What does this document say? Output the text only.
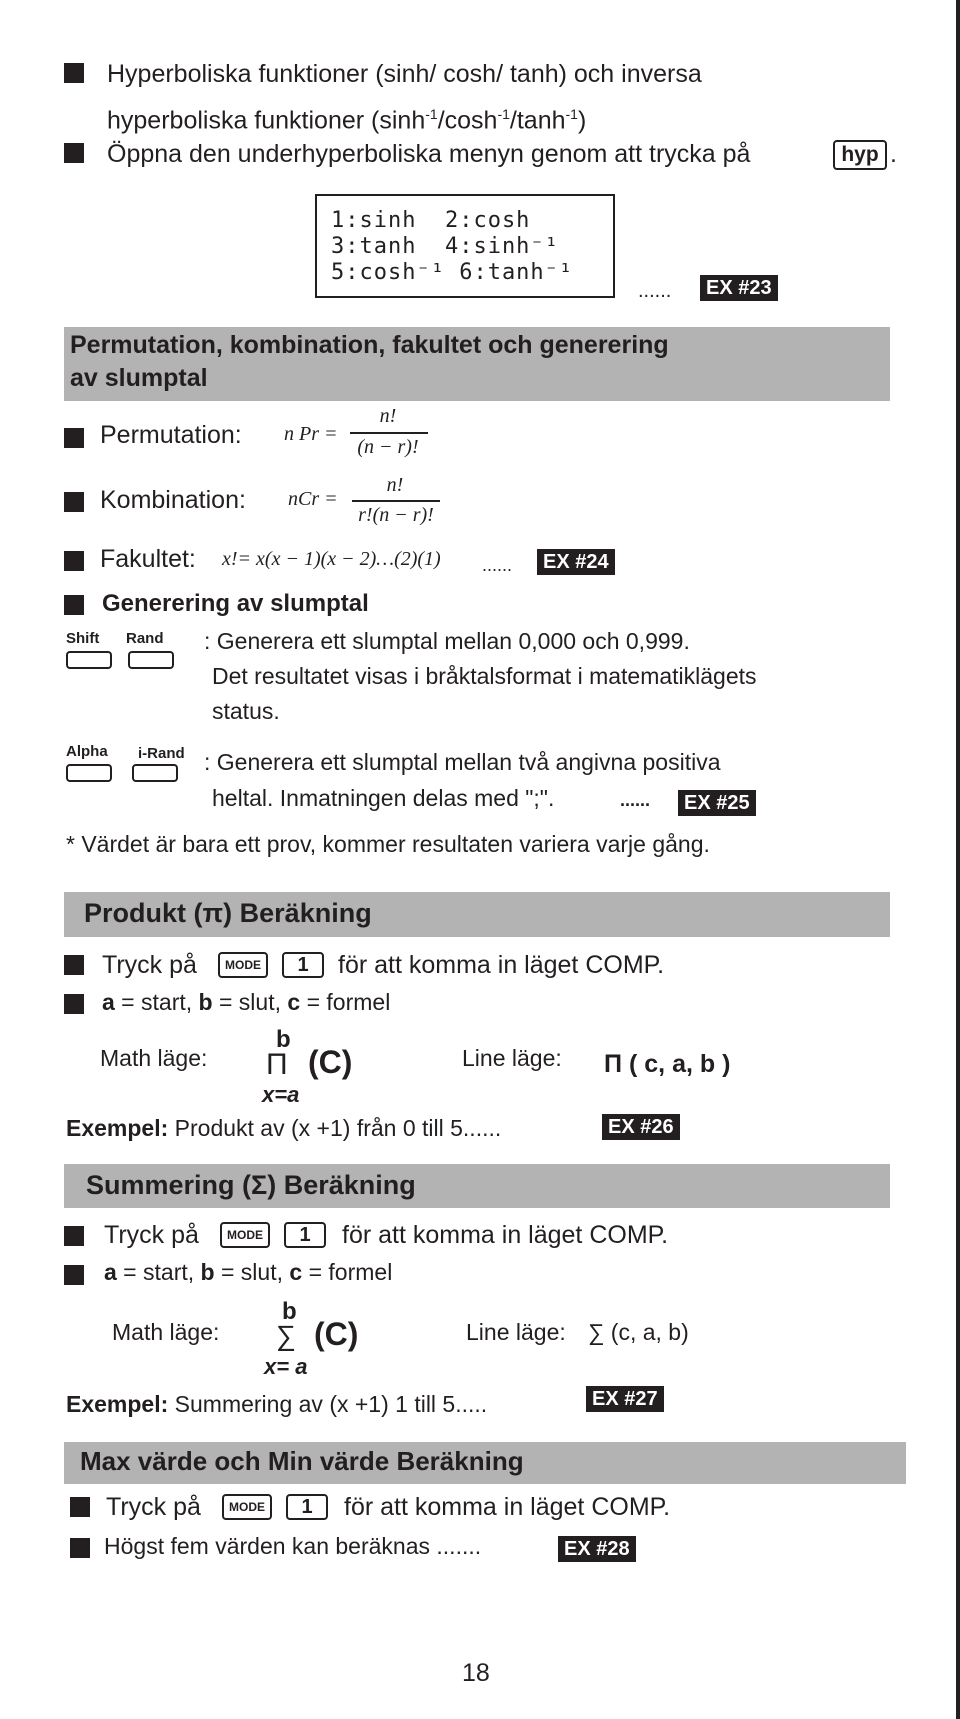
Hyperboliska funktioner (sinh/ cosh/ tanh) och inversa
hyperboliska funktioner $(\sinh^{-1}/\cosh^{-1}/\tanh^{-1})$
Öppna den underhyperboliska menyn genom att trycka på	hyp .
1:sinh  2:cosh
3:tanh  4:sinh⁻¹
5:cosh⁻¹ 6:tanh⁻¹
......	EX #23
Permutation, kombination, fakultet och generering
av slumptal
Permutation: n Pr =
n!
(n − r)!
Kombination: nCr =
n!
r!(n − r)!
Fakultet: x!= x(x − 1)(x − 2)…(2)(1) ......	EX #24
Generering av slumptal
Shift Rand : Generera ett slumptal mellan 0,000 och 0,999.
Det resultatet visas i bråktalsformat i matematiklägets
status.
Alpha i-Rand : Generera ett slumptal mellan två angivna positiva
heltal. Inmatningen delas med ";".	......	EX #25
* Värdet är bara ett prov, kommer resultaten variera varje gång.
Produkt (π) Beräkning
Tryck på	MODE	1	för att komma in läget COMP.
a = start, b = slut, c = formel
Math läge:
b
Π (C)
x=a
Line läge: Π ( c, a, b )
Exempel: Produkt av (x +1) från 0 till 5......	EX #26
Summering (Σ) Beräkning
Tryck på	MODE	1	för att komma in läget COMP.
a = start, b = slut, c = formel
Math läge:
b
∑ (C)
x= a
Line läge: ∑ (c, a, b)
Exempel: Summering av (x +1) 1 till 5.....	EX #27
Max värde och Min värde Beräkning
Tryck på	MODE	1	för att komma in läget COMP.
Högst fem värden kan beräknas .......	EX #28
18
